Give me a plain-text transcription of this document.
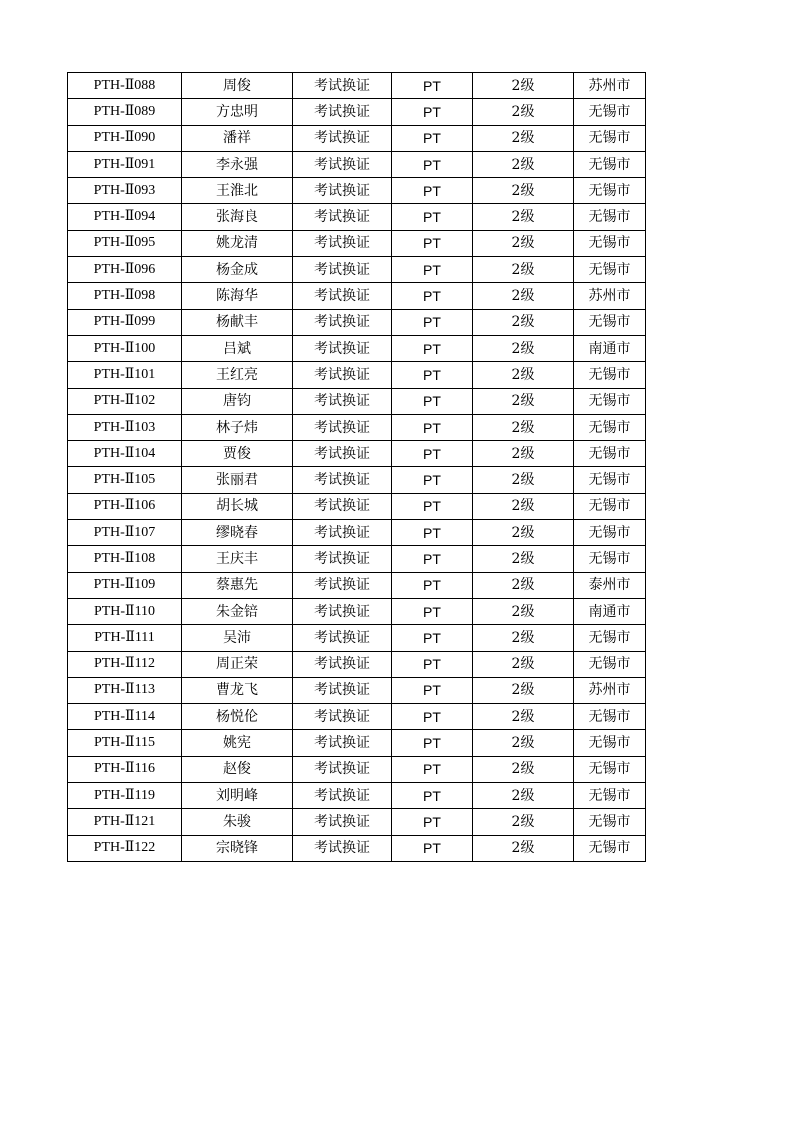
PTH-Ⅱ088	周俊	考试换证	PT	2级	苏州市
PTH-Ⅱ089	方忠明	考试换证	PT	2级	无锡市
PTH-Ⅱ090	潘祥	考试换证	PT	2级	无锡市
PTH-Ⅱ091	李永强	考试换证	PT	2级	无锡市
PTH-Ⅱ093	王淮北	考试换证	PT	2级	无锡市
PTH-Ⅱ094	张海良	考试换证	PT	2级	无锡市
PTH-Ⅱ095	姚龙清	考试换证	PT	2级	无锡市
PTH-Ⅱ096	杨金成	考试换证	PT	2级	无锡市
PTH-Ⅱ098	陈海华	考试换证	PT	2级	苏州市
PTH-Ⅱ099	杨献丰	考试换证	PT	2级	无锡市
PTH-Ⅱ100	吕斌	考试换证	PT	2级	南通市
PTH-Ⅱ101	王红亮	考试换证	PT	2级	无锡市
PTH-Ⅱ102	唐钧	考试换证	PT	2级	无锡市
PTH-Ⅱ103	林子炜	考试换证	PT	2级	无锡市
PTH-Ⅱ104	贾俊	考试换证	PT	2级	无锡市
PTH-Ⅱ105	张丽君	考试换证	PT	2级	无锡市
PTH-Ⅱ106	胡长城	考试换证	PT	2级	无锡市
PTH-Ⅱ107	缪晓春	考试换证	PT	2级	无锡市
PTH-Ⅱ108	王庆丰	考试换证	PT	2级	无锡市
PTH-Ⅱ109	蔡惠先	考试换证	PT	2级	泰州市
PTH-Ⅱ110	朱金锫	考试换证	PT	2级	南通市
PTH-Ⅱ111	吴沛	考试换证	PT	2级	无锡市
PTH-Ⅱ112	周正荣	考试换证	PT	2级	无锡市
PTH-Ⅱ113	曹龙飞	考试换证	PT	2级	苏州市
PTH-Ⅱ114	杨悦伦	考试换证	PT	2级	无锡市
PTH-Ⅱ115	姚宪	考试换证	PT	2级	无锡市
PTH-Ⅱ116	赵俊	考试换证	PT	2级	无锡市
PTH-Ⅱ119	刘明峰	考试换证	PT	2级	无锡市
PTH-Ⅱ121	朱骏	考试换证	PT	2级	无锡市
PTH-Ⅱ122	宗晓锋	考试换证	PT	2级	无锡市
